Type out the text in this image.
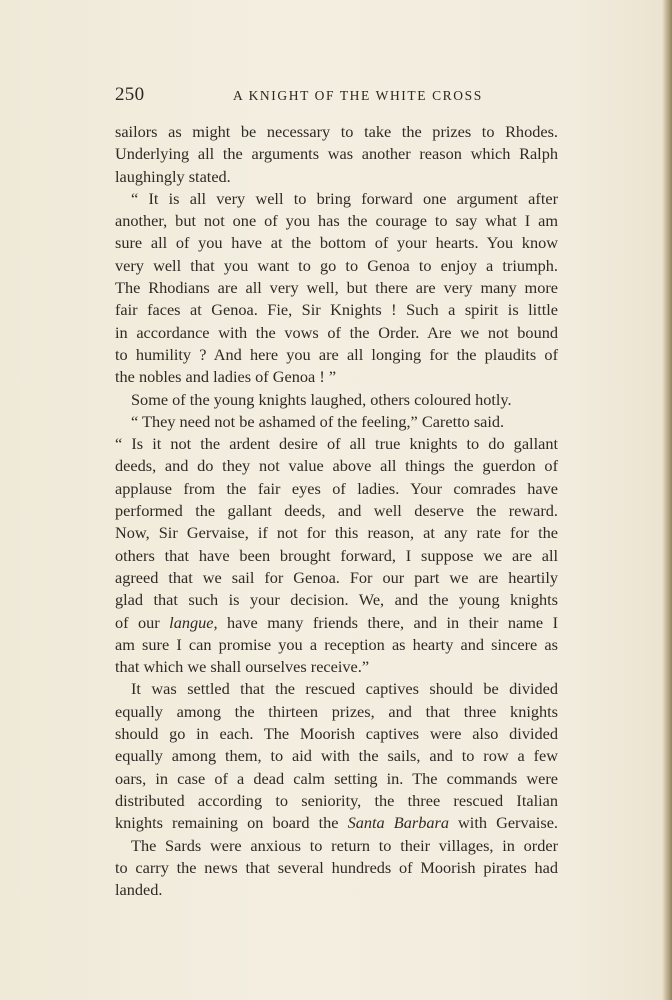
250	A KNIGHT OF THE WHITE CROSS
sailors as might be necessary to take the prizes to Rhodes.
Underlying all the arguments was another reason which Ralph
laughingly stated.
“ It is all very well to bring forward one argument after
another, but not one of you has the courage to say what I am
sure all of you have at the bottom of your hearts. You know
very well that you want to go to Genoa to enjoy a triumph.
The Rhodians are all very well, but there are very many more
fair faces at Genoa. Fie, Sir Knights ! Such a spirit is little
in accordance with the vows of the Order. Are we not bound
to humility ? And here you are all longing for the plaudits of
the nobles and ladies of Genoa ! ”
Some of the young knights laughed, others coloured hotly.
“ They need not be ashamed of the feeling,” Caretto said.
“ Is it not the ardent desire of all true knights to do gallant
deeds, and do they not value above all things the guerdon of
applause from the fair eyes of ladies. Your comrades have
performed the gallant deeds, and well deserve the reward.
Now, Sir Gervaise, if not for this reason, at any rate for the
others that have been brought forward, I suppose we are all
agreed that we sail for Genoa. For our part we are heartily
glad that such is your decision. We, and the young knights
of our langue, have many friends there, and in their name I
am sure I can promise you a reception as hearty and sincere as
that which we shall ourselves receive.”
It was settled that the rescued captives should be divided
equally among the thirteen prizes, and that three knights
should go in each. The Moorish captives were also divided
equally among them, to aid with the sails, and to row a few
oars, in case of a dead calm setting in. The commands were
distributed according to seniority, the three rescued Italian
knights remaining on board the Santa Barbara with Gervaise.
The Sards were anxious to return to their villages, in order
to carry the news that several hundreds of Moorish pirates had
landed.
